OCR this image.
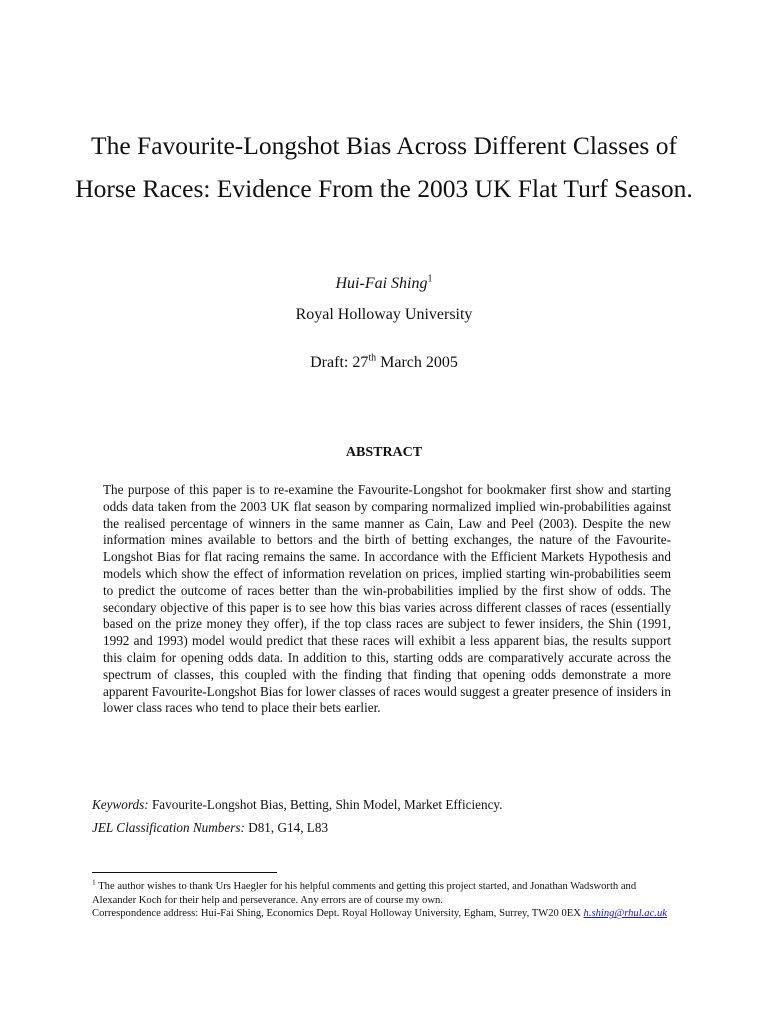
The Favourite-Longshot Bias Across Different Classes of Horse Races: Evidence From the 2003 UK Flat Turf Season.
Hui-Fai Shing$^1$
Royal Holloway University
Draft: 27th March 2005
ABSTRACT
The purpose of this paper is to re-examine the Favourite-Longshot for bookmaker first show and starting odds data taken from the 2003 UK flat season by comparing normalized implied win-probabilities against the realised percentage of winners in the same manner as Cain, Law and Peel (2003). Despite the new information mines available to bettors and the birth of betting exchanges, the nature of the Favourite-Longshot Bias for flat racing remains the same. In accordance with the Efficient Markets Hypothesis and models which show the effect of information revelation on prices, implied starting win-probabilities seem to predict the outcome of races better than the win-probabilities implied by the first show of odds. The secondary objective of this paper is to see how this bias varies across different classes of races (essentially based on the prize money they offer), if the top class races are subject to fewer insiders, the Shin (1991, 1992 and 1993) model would predict that these races will exhibit a less apparent bias, the results support this claim for opening odds data. In addition to this, starting odds are comparatively accurate across the spectrum of classes, this coupled with the finding that finding that opening odds demonstrate a more apparent Favourite-Longshot Bias for lower classes of races would suggest a greater presence of insiders in lower class races who tend to place their bets earlier.
Keywords: Favourite-Longshot Bias, Betting, Shin Model, Market Efficiency.
JEL Classification Numbers: D81, G14, L83
$^1$ The author wishes to thank Urs Haegler for his helpful comments and getting this project started, and Jonathan Wadsworth and Alexander Koch for their help and perseverance. Any errors are of course my own.
Correspondence address: Hui-Fai Shing, Economics Dept. Royal Holloway University, Egham, Surrey, TW20 0EX h.shing@rhul.ac.uk
